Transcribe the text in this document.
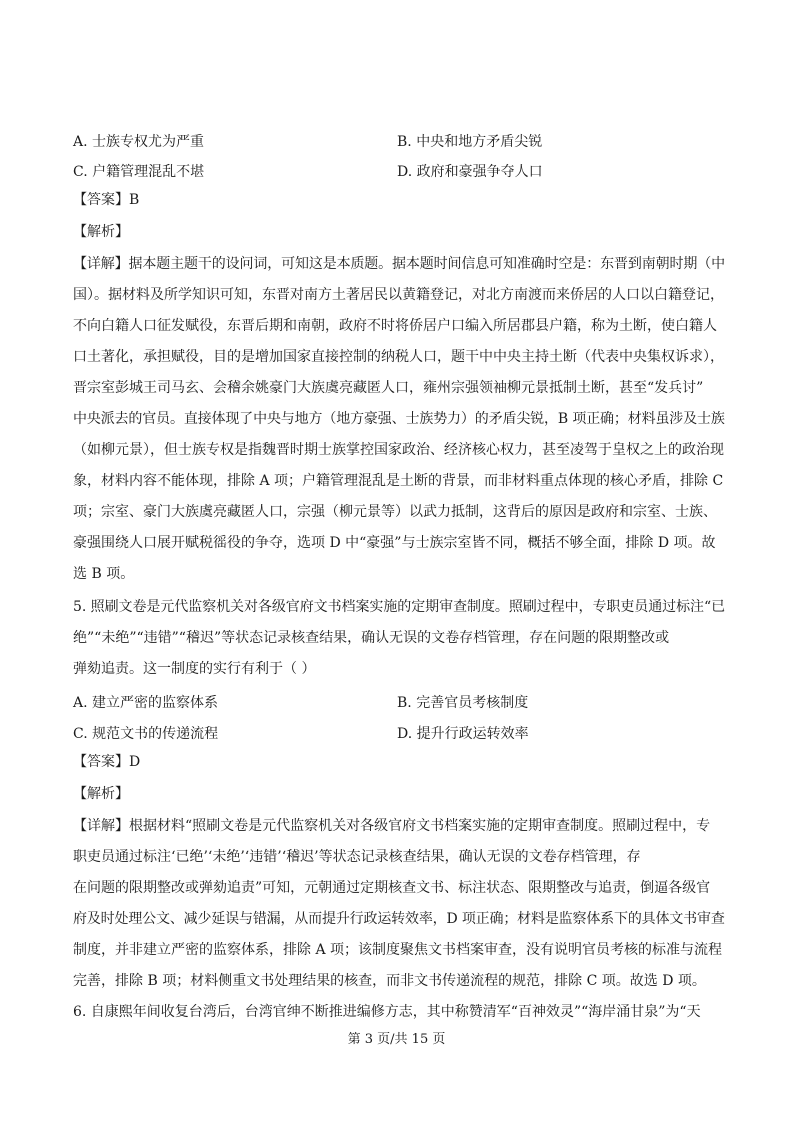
A. 士族专权尤为严重	B. 中央和地方矛盾尖锐
C. 户籍管理混乱不堪	D. 政府和豪强争夺人口
【答案】B
【解析】
【详解】据本题主题干的设问词，可知这是本质题。据本题时间信息可知准确时空是：东晋到南朝时期（中
国）。据材料及所学知识可知，东晋对南方土著居民以黄籍登记，对北方南渡而来侨居的人口以白籍登记，
不向白籍人口征发赋役，东晋后期和南朝，政府不时将侨居户口编入所居郡县户籍，称为土断，使白籍人
口土著化，承担赋役，目的是增加国家直接控制的纳税人口，题干中中央主持土断（代表中央集权诉求），
晋宗室彭城王司马玄、会稽余姚豪门大族虞亮藏匿人口，雍州宗强领袖柳元景抵制土断，甚至“发兵讨”
中央派去的官员。直接体现了中央与地方（地方豪强、士族势力）的矛盾尖锐，B 项正确；材料虽涉及士族
（如柳元景），但士族专权是指魏晋时期士族掌控国家政治、经济核心权力，甚至凌驾于皇权之上的政治现
象，材料内容不能体现，排除 A 项；户籍管理混乱是土断的背景，而非材料重点体现的核心矛盾，排除 C
项；宗室、豪门大族虞亮藏匿人口，宗强（柳元景等）以武力抵制，这背后的原因是政府和宗室、士族、
豪强围绕人口展开赋税徭役的争夺，选项 D 中“豪强”与士族宗室皆不同，概括不够全面，排除 D 项。故
选 B 项。
5. 照刷文卷是元代监察机关对各级官府文书档案实施的定期审查制度。照刷过程中，专职吏员通过标注“已
绝”“未绝”“违错”“稽迟”等状态记录核查结果，确认无误的文卷存档管理，存在问题的限期整改或
弹劾追责。这一制度的实行有利于（ ）
A. 建立严密的监察体系	B. 完善官员考核制度
C. 规范文书的传递流程	D. 提升行政运转效率
【答案】D
【解析】
【详解】根据材料“照刷文卷是元代监察机关对各级官府文书档案实施的定期审查制度。照刷过程中，专
职吏员通过标注‘已绝’‘未绝’‘违错’‘稽迟’等状态记录核查结果，确认无误的文卷存档管理，存
在问题的限期整改或弹劾追责”可知，元朝通过定期核查文书、标注状态、限期整改与追责，倒逼各级官
府及时处理公文、减少延误与错漏，从而提升行政运转效率，D 项正确；材料是监察体系下的具体文书审查
制度，并非建立严密的监察体系，排除 A 项；该制度聚焦文书档案审查，没有说明官员考核的标准与流程
完善，排除 B 项；材料侧重文书处理结果的核查，而非文书传递流程的规范，排除 C 项。故选 D 项。
6. 自康熙年间收复台湾后，台湾官绅不断推进编修方志，其中称赞清军“百神效灵”“海岸涌甘泉”为“天
第 3 页/共 15 页
